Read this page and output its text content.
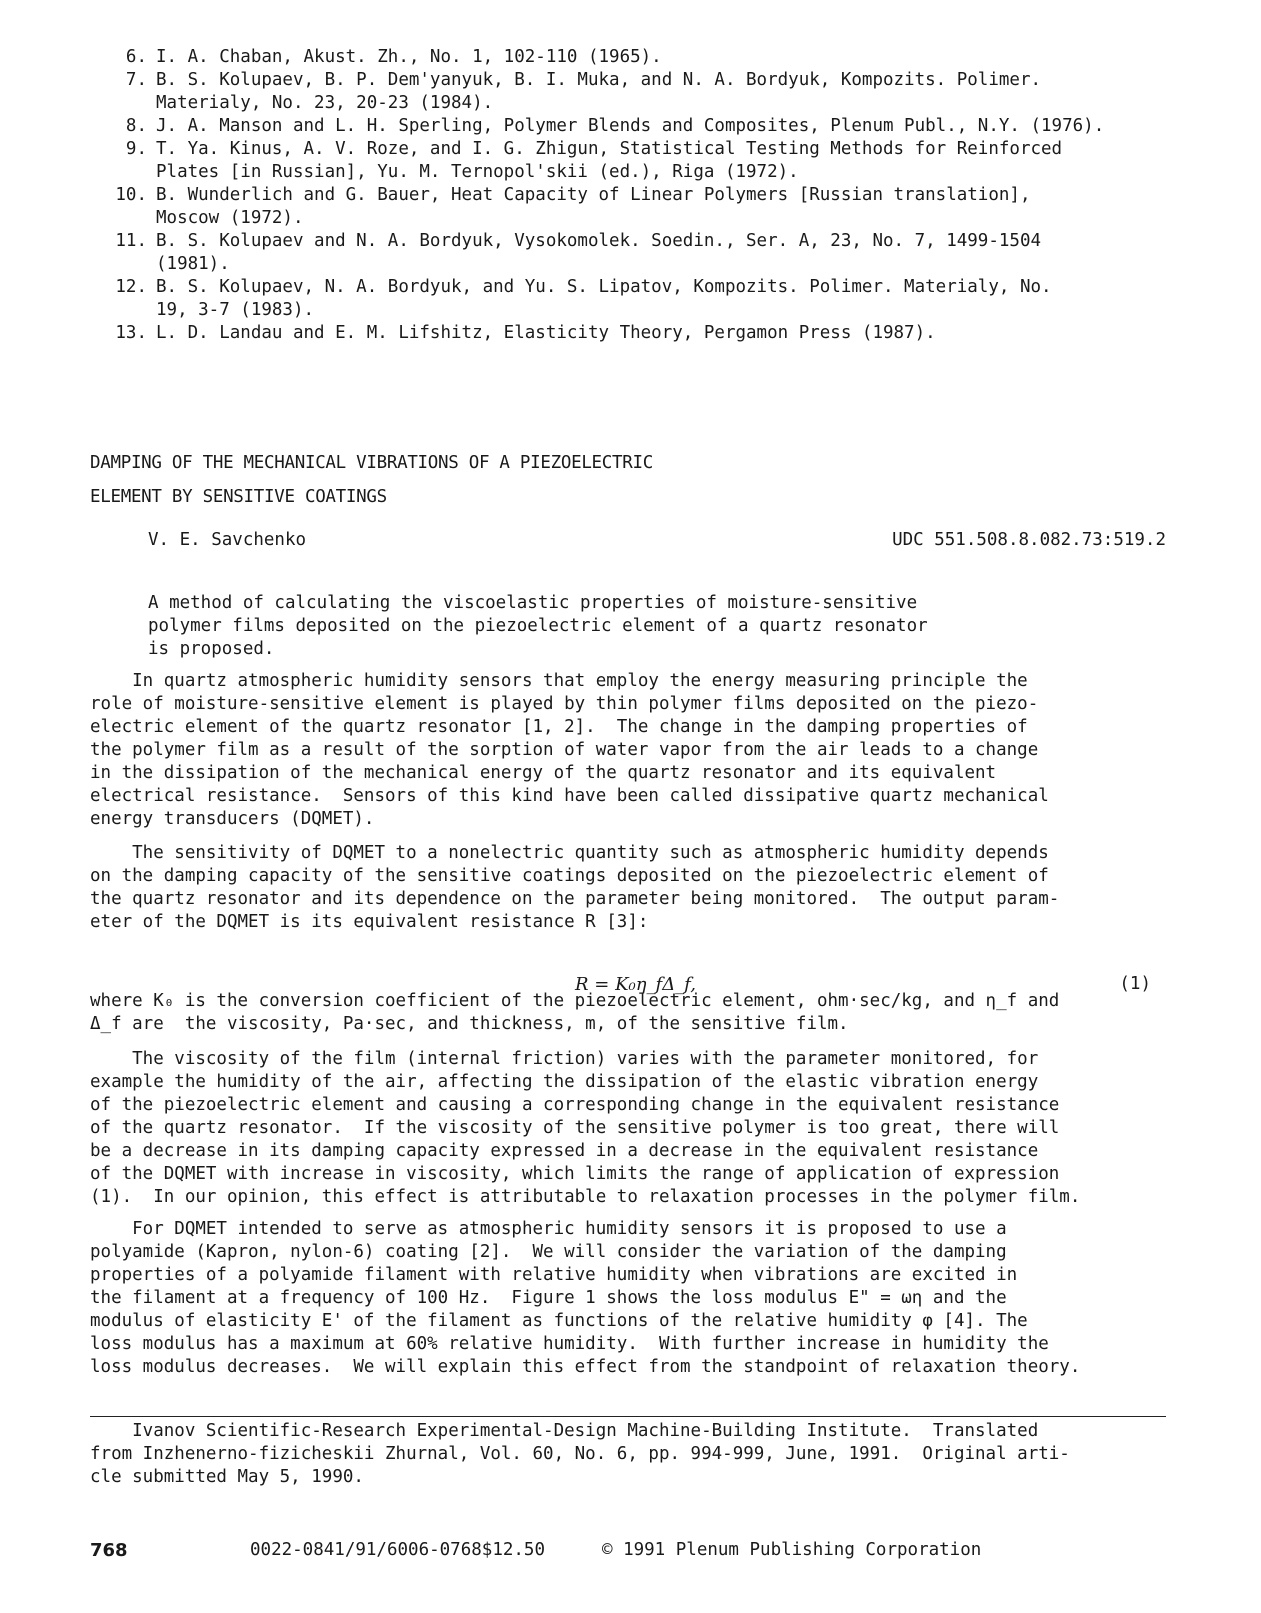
6. I. A. Chaban, Akust. Zh., No. 1, 102-110 (1965).
7. B. S. Kolupaev, B. P. Dem'yanyuk, B. I. Muka, and N. A. Bordyuk, Kompozits. Polimer.
Materialy, No. 23, 20-23 (1984).
8. J. A. Manson and L. H. Sperling, Polymer Blends and Composites, Plenum Publ., N.Y. (1976).
9. T. Ya. Kinus, A. V. Roze, and I. G. Zhigun, Statistical Testing Methods for Reinforced
Plates [in Russian], Yu. M. Ternopol'skii (ed.), Riga (1972).
10. B. Wunderlich and G. Bauer, Heat Capacity of Linear Polymers [Russian translation],
Moscow (1972).
11. B. S. Kolupaev and N. A. Bordyuk, Vysokomolek. Soedin., Ser. A, 23, No. 7, 1499-1504
(1981).
12. B. S. Kolupaev, N. A. Bordyuk, and Yu. S. Lipatov, Kompozits. Polimer. Materialy, No.
19, 3-7 (1983).
13. L. D. Landau and E. M. Lifshitz, Elasticity Theory, Pergamon Press (1987).
DAMPING OF THE MECHANICAL VIBRATIONS OF A PIEZOELECTRIC
ELEMENT BY SENSITIVE COATINGS
V. E. Savchenko	UDC 551.508.8.082.73:519.2
A method of calculating the viscoelastic properties of moisture-sensitive
polymer films deposited on the piezoelectric element of a quartz resonator
is proposed.
In quartz atmospheric humidity sensors that employ the energy measuring principle the
role of moisture-sensitive element is played by thin polymer films deposited on the piezo-
electric element of the quartz resonator [1, 2].  The change in the damping properties of
the polymer film as a result of the sorption of water vapor from the air leads to a change
in the dissipation of the mechanical energy of the quartz resonator and its equivalent
electrical resistance.  Sensors of this kind have been called dissipative quartz mechanical
energy transducers (DQMET).
The sensitivity of DQMET to a nonelectric quantity such as atmospheric humidity depends
on the damping capacity of the sensitive coatings deposited on the piezoelectric element of
the quartz resonator and its dependence on the parameter being monitored.  The output param-
eter of the DQMET is its equivalent resistance R [3]:
R = K₀η_fΔ_f,	(1)
where K₀ is the conversion coefficient of the piezoelectric element, ohm·sec/kg, and η_f and
Δ_f are  the viscosity, Pa·sec, and thickness, m, of the sensitive film.
The viscosity of the film (internal friction) varies with the parameter monitored, for
example the humidity of the air, affecting the dissipation of the elastic vibration energy
of the piezoelectric element and causing a corresponding change in the equivalent resistance
of the quartz resonator.  If the viscosity of the sensitive polymer is too great, there will
be a decrease in its damping capacity expressed in a decrease in the equivalent resistance
of the DQMET with increase in viscosity, which limits the range of application of expression
(1).  In our opinion, this effect is attributable to relaxation processes in the polymer film.
For DQMET intended to serve as atmospheric humidity sensors it is proposed to use a
polyamide (Kapron, nylon-6) coating [2].  We will consider the variation of the damping
properties of a polyamide filament with relative humidity when vibrations are excited in
the filament at a frequency of 100 Hz.  Figure 1 shows the loss modulus E" = ωη and the
modulus of elasticity E' of the filament as functions of the relative humidity φ [4]. The
loss modulus has a maximum at 60% relative humidity.  With further increase in humidity the
loss modulus decreases.  We will explain this effect from the standpoint of relaxation theory.
Ivanov Scientific-Research Experimental-Design Machine-Building Institute.  Translated
from Inzhenerno-fizicheskii Zhurnal, Vol. 60, No. 6, pp. 994-999, June, 1991.  Original arti-
cle submitted May 5, 1990.
768	0022-0841/91/6006-0768$12.50	© 1991 Plenum Publishing Corporation
